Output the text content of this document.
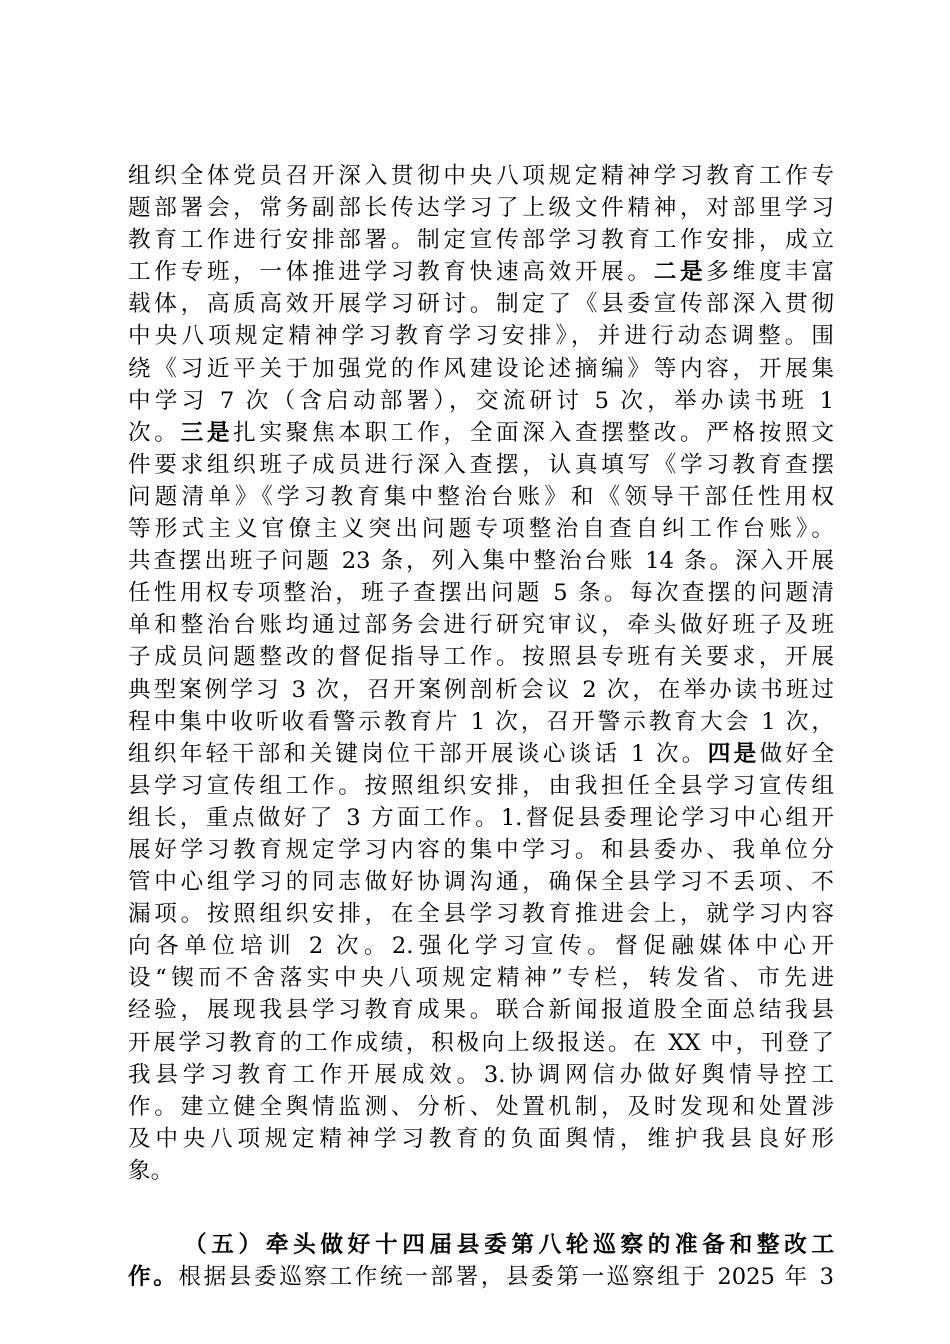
组织全体党员召开深入贯彻中央八项规定精神学习教育工作专
题部署会，常务副部长传达学习了上级文件精神，对部里学习
教育工作进行安排部署。制定宣传部学习教育工作安排，成立
工作专班，一体推进学习教育快速高效开展。二是多维度丰富
载体，高质高效开展学习研讨。制定了《县委宣传部深入贯彻
中央八项规定精神学习教育学习安排》，并进行动态调整。围
绕《习近平关于加强党的作风建设论述摘编》等内容，开展集
中学习 7 次（含启动部署），交流研讨 5 次，举办读书班 1
次。三是扎实聚焦本职工作，全面深入查摆整改。严格按照文
件要求组织班子成员进行深入查摆，认真填写《学习教育查摆
问题清单》《学习教育集中整治台账》和《领导干部任性用权
等形式主义官僚主义突出问题专项整治自查自纠工作台账》。
共查摆出班子问题 23 条，列入集中整治台账 14 条。深入开展
任性用权专项整治，班子查摆出问题 5 条。每次查摆的问题清
单和整治台账均通过部务会进行研究审议，牵头做好班子及班
子成员问题整改的督促指导工作。按照县专班有关要求，开展
典型案例学习 3 次，召开案例剖析会议 2 次，在举办读书班过
程中集中收听收看警示教育片 1 次，召开警示教育大会 1 次，
组织年轻干部和关键岗位干部开展谈心谈话 1 次。四是做好全
县学习宣传组工作。按照组织安排，由我担任全县学习宣传组
组长，重点做好了 3 方面工作。1.督促县委理论学习中心组开
展好学习教育规定学习内容的集中学习。和县委办、我单位分
管中心组学习的同志做好协调沟通，确保全县学习不丢项、不
漏项。按照组织安排，在全县学习教育推进会上，就学习内容
向各单位培训 2 次。2.强化学习宣传。督促融媒体中心开
设“锲而不舍落实中央八项规定精神”专栏，转发省、市先进
经验，展现我县学习教育成果。联合新闻报道股全面总结我县
开展学习教育的工作成绩，积极向上级报送。在 XX 中，刊登了
我县学习教育工作开展成效。3.协调网信办做好舆情导控工
作。建立健全舆情监测、分析、处置机制，及时发现和处置涉
及中央八项规定精神学习教育的负面舆情，维护我县良好形
象。
（五）牵头做好十四届县委第八轮巡察的准备和整改工
作。根据县委巡察工作统一部署，县委第一巡察组于 2025 年 3
